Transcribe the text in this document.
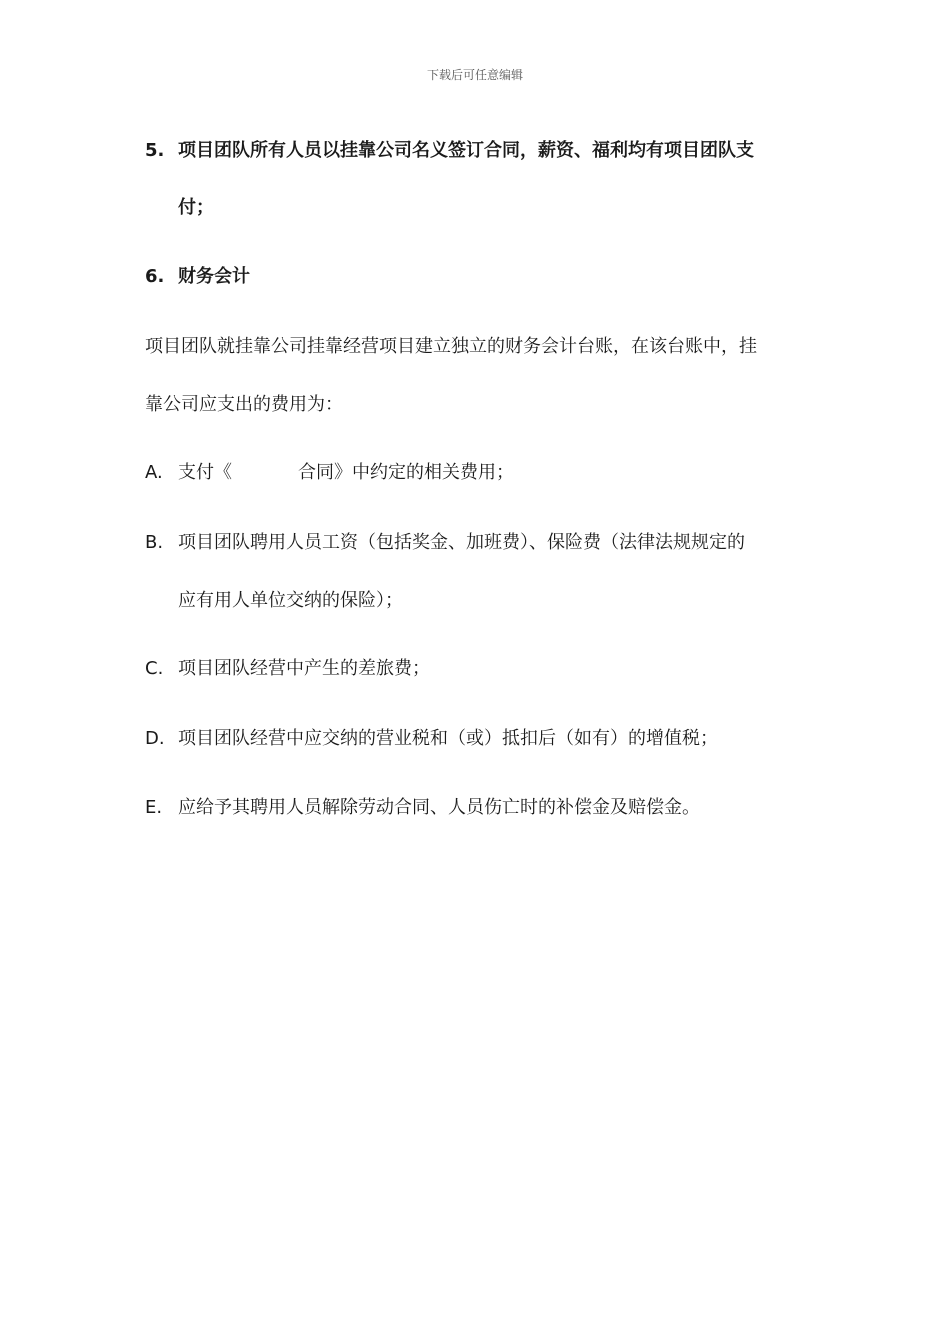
下载后可任意编辑
5. 项目团队所有人员以挂靠公司名义签订合同，薪资、福利均有项目团队支
付；
6. 财务会计
项目团队就挂靠公司挂靠经营项目建立独立的财务会计台账，在该台账中，挂
靠公司应支出的费用为：
A. 支付《	合同》中约定的相关费用；
B. 项目团队聘用人员工资（包括奖金、加班费）、保险费（法律法规规定的
应有用人单位交纳的保险）；
C. 项目团队经营中产生的差旅费；
D. 项目团队经营中应交纳的营业税和（或）抵扣后（如有）的增值税；
E. 应给予其聘用人员解除劳动合同、人员伤亡时的补偿金及赔偿金。
